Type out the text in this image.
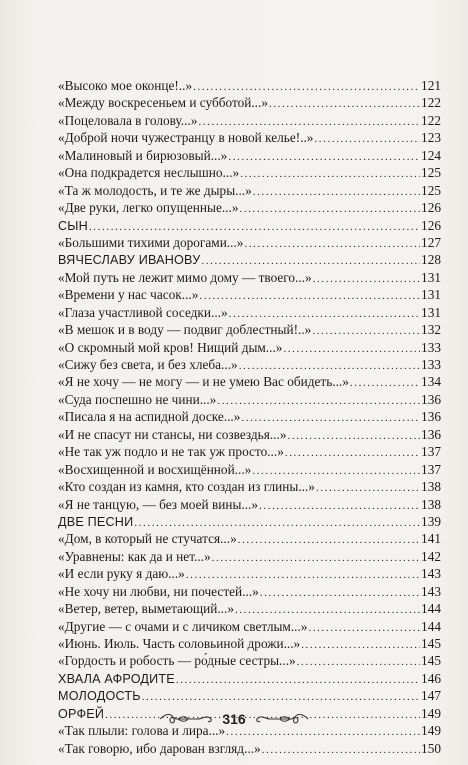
«Высоко мое оконце!..» .....	121
«Между воскресеньем и субботой...» .....	122
«Поцеловала в голову...» .....	122
«Доброй ночи чужестранцу в новой келье!..» .....	123
«Малиновый и бирюзовый...» .....	124
«Она подкрадется неслышно...» .....	125
«Та ж молодость, и те же дыры...» .....	125
«Две руки, легко опущенные...» .....	126
СЫН .....	126
«Большими тихими дорогами...» .....	127
ВЯЧЕСЛАВУ ИВАНОВУ .....	128
«Мой путь не лежит мимо дому — твоего...» .....	131
«Времени у нас часок...» .....	131
«Глаза участливой соседки...» .....	131
«В мешок и в воду — подвиг доблестный!..» .....	132
«О скромный мой кров! Нищий дым...» .....	133
«Сижу без света, и без хлеба...» .....	133
«Я не хочу — не могу — и не умею Вас обидеть...» .....	134
«Суда поспешно не чини...» .....	136
«Писала я на аспидной доске...» .....	136
«И не спасут ни стансы, ни созвездья...» .....	136
«Не так уж подло и не так уж просто...» .....	137
«Восхищенной и восхищённой...» .....	137
«Кто создан из камня, кто создан из глины...» .....	138
«Я не танцую, — без моей вины...» .....	138
ДВЕ ПЕСНИ .....	139
«Дом, в который не стучатся...» .....	141
«Уравнены: как да и нет...» .....	142
«И если руку я даю...» .....	143
«Не хочу ни любви, ни почестей...» .....	143
«Ветер, ветер, выметающий...» .....	144
«Другие — с очами и с личиком светлым...» .....	144
«Июнь. Июль. Часть соловьиной дрожи...» .....	145
«Гордость и робость — ро́дные сестры...» .....	145
ХВАЛА АФРОДИТЕ .....	146
МОЛОДОСТЬ .....	147
ОРФЕЙ .....	149
«Так плыли: голова и лира...» .....	149
«Так говорю, ибо дарован взгляд...» .....	150
316
